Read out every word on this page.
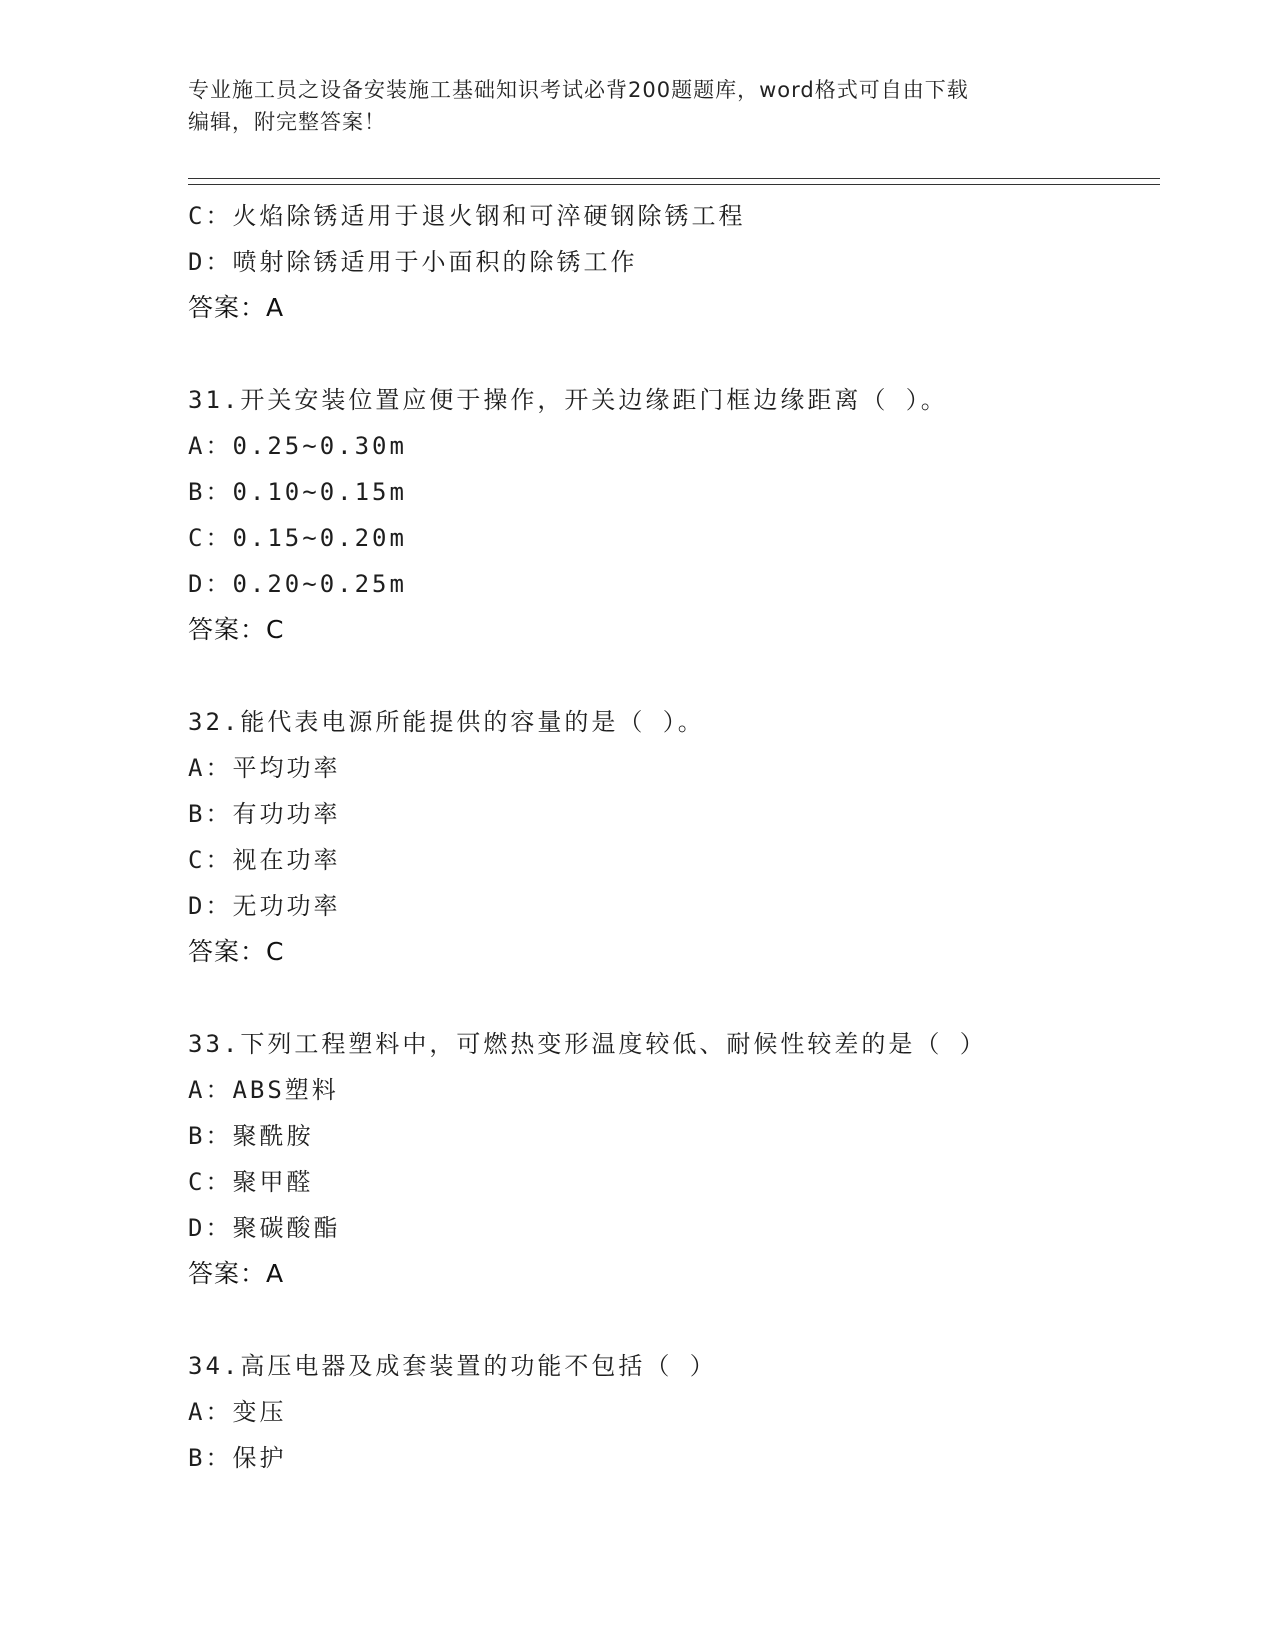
专业施工员之设备安装施工基础知识考试必背200题题库，word格式可自由下载
编辑，附完整答案！
C：火焰除锈适用于退火钢和可淬硬钢除锈工程
D：喷射除锈适用于小面积的除锈工作
答案：A
31.开关安装位置应便于操作，开关边缘距门框边缘距离（ ）。
A：0.25~0.30m
B：0.10~0.15m
C：0.15~0.20m
D：0.20~0.25m
答案：C
32.能代表电源所能提供的容量的是（ ）。
A：平均功率
B：有功功率
C：视在功率
D：无功功率
答案：C
33.下列工程塑料中，可燃热变形温度较低、耐候性较差的是（ ）
A：ABS塑料
B：聚酰胺
C：聚甲醛
D：聚碳酸酯
答案：A
34.高压电器及成套装置的功能不包括（ ）
A：变压
B：保护
